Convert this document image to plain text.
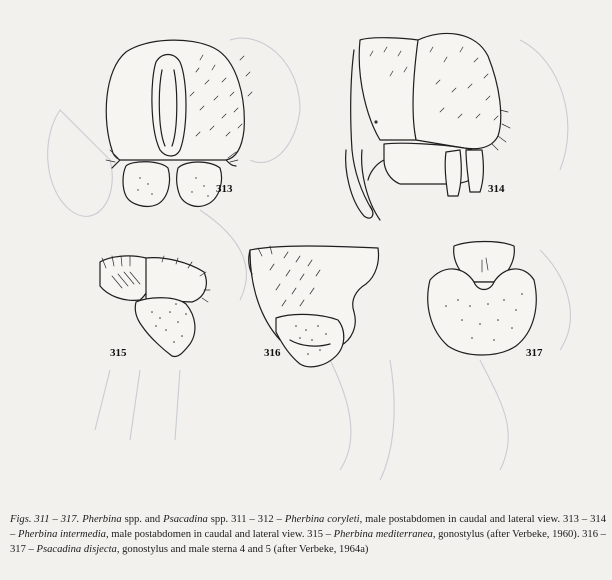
313	314
315	316	317
Figs. 311 – 317. Pherbina spp. and Psacadina spp. 311 – 312 – Pherbina coryleti, male postabdomen in caudal and lateral view. 313 – 314 – Pherbina intermedia, male postabdomen in caudal and lateral view. 315 – Pherbina mediterranea, gonostylus (after Verbeke, 1960). 316 – 317 – Psacadina disjecta, gonostylus and male sterna 4 and 5 (after Verbeke, 1964a)
